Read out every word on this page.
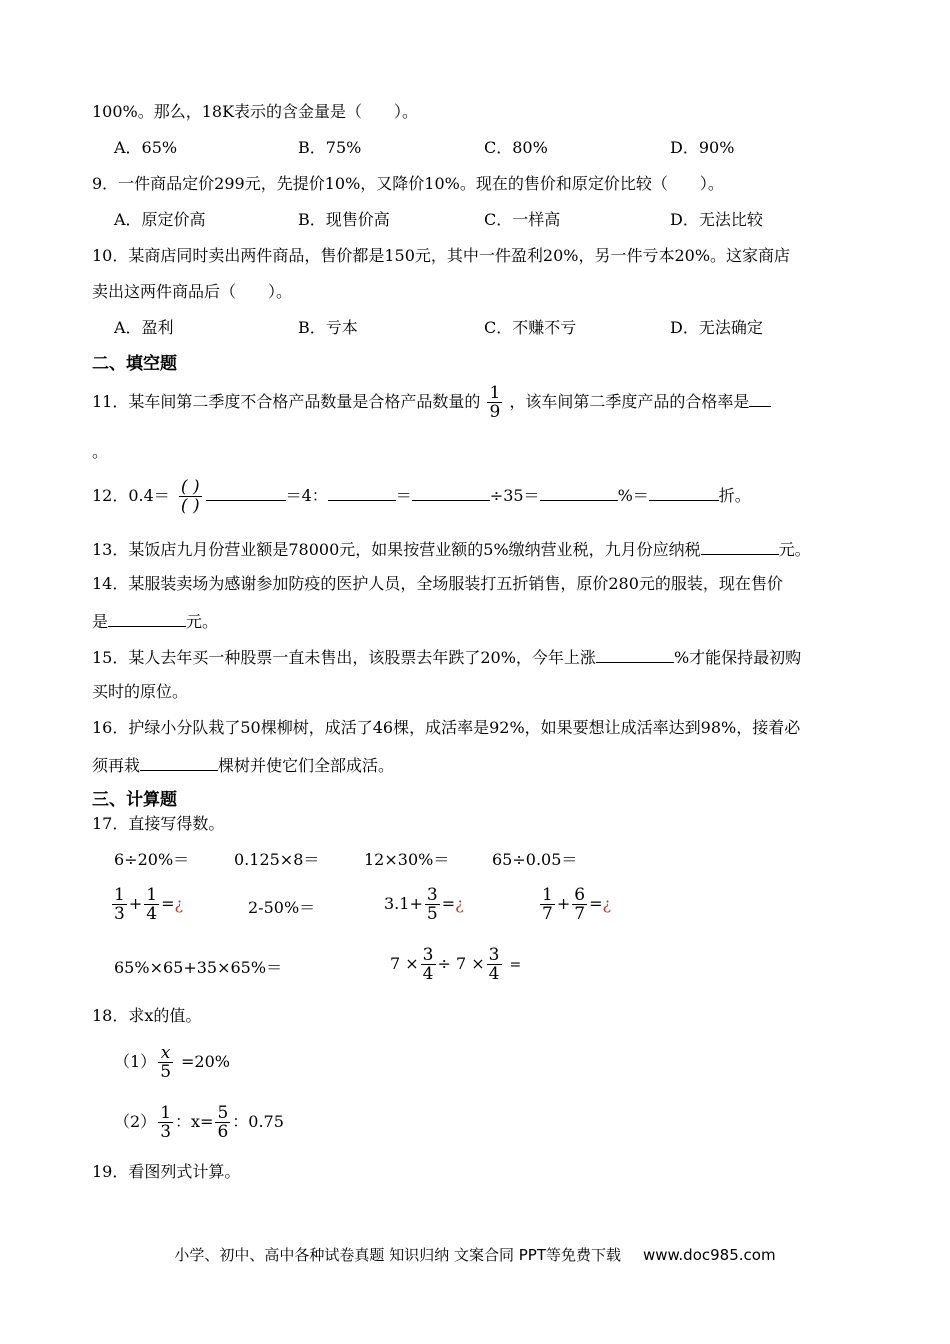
100%。那么，18K表示的含金量是（　　）。
A．65%	B．75%	C．80%	D．90%
9．一件商品定价299元，先提价10%，又降价10%。现在的售价和原定价比较（　　）。
A．原定价高	B．现售价高	C．一样高	D．无法比较
10．某商店同时卖出两件商品，售价都是150元，其中一件盈利20%，另一件亏本20%。这家商店
卖出这两件商品后（　　）。
A．盈利	B．亏本	C．不赚不亏	D．无法确定
二、填空题
11．某车间第二季度不合格产品数量是合格产品数量的 $\frac{1}{9}$ ，该车间第二季度产品的合格率是
。
12．$0.4= \frac{( )}{( )}$	＝4：	＝	÷35＝	%＝	折。
13．某饭店九月份营业额是78000元，如果按营业额的5%缴纳营业税，九月份应纳税	元。
14．某服装卖场为感谢参加防疫的医护人员，全场服装打五折销售，原价280元的服装，现在售价
是	元。
15．某人去年买一种股票一直未售出，该股票去年跌了20%，今年上涨	%才能保持最初购
买时的原位。
16．护绿小分队栽了50棵柳树，成活了46棵，成活率是92%，如果要想让成活率达到98%，接着必
须再栽	棵树并使它们全部成活。
三、计算题
17．直接写得数。
6÷20%＝	0.125×8＝	12×30%＝	65÷0.05＝
$\frac{1}{3} + \frac{1}{4}$ =¿	2-50%＝	$3.1+ \frac{3}{5}$ =¿	$\frac{1}{7} + \frac{6}{7}$ =¿
65%×65+35×65%＝	$7 \times \frac{3}{4} \div 7 \times \frac{3}{4}$ =
18．求x的值。
$(1) \frac{x}{5} =20\%$
$(2) \frac{1}{3}$ ：$x= \frac{5}{6}$ ：0.75
19．看图列式计算。
小学、初中、高中各种试卷真题 知识归纳 文案合同 PPT等免费下载 www.doc985.com
